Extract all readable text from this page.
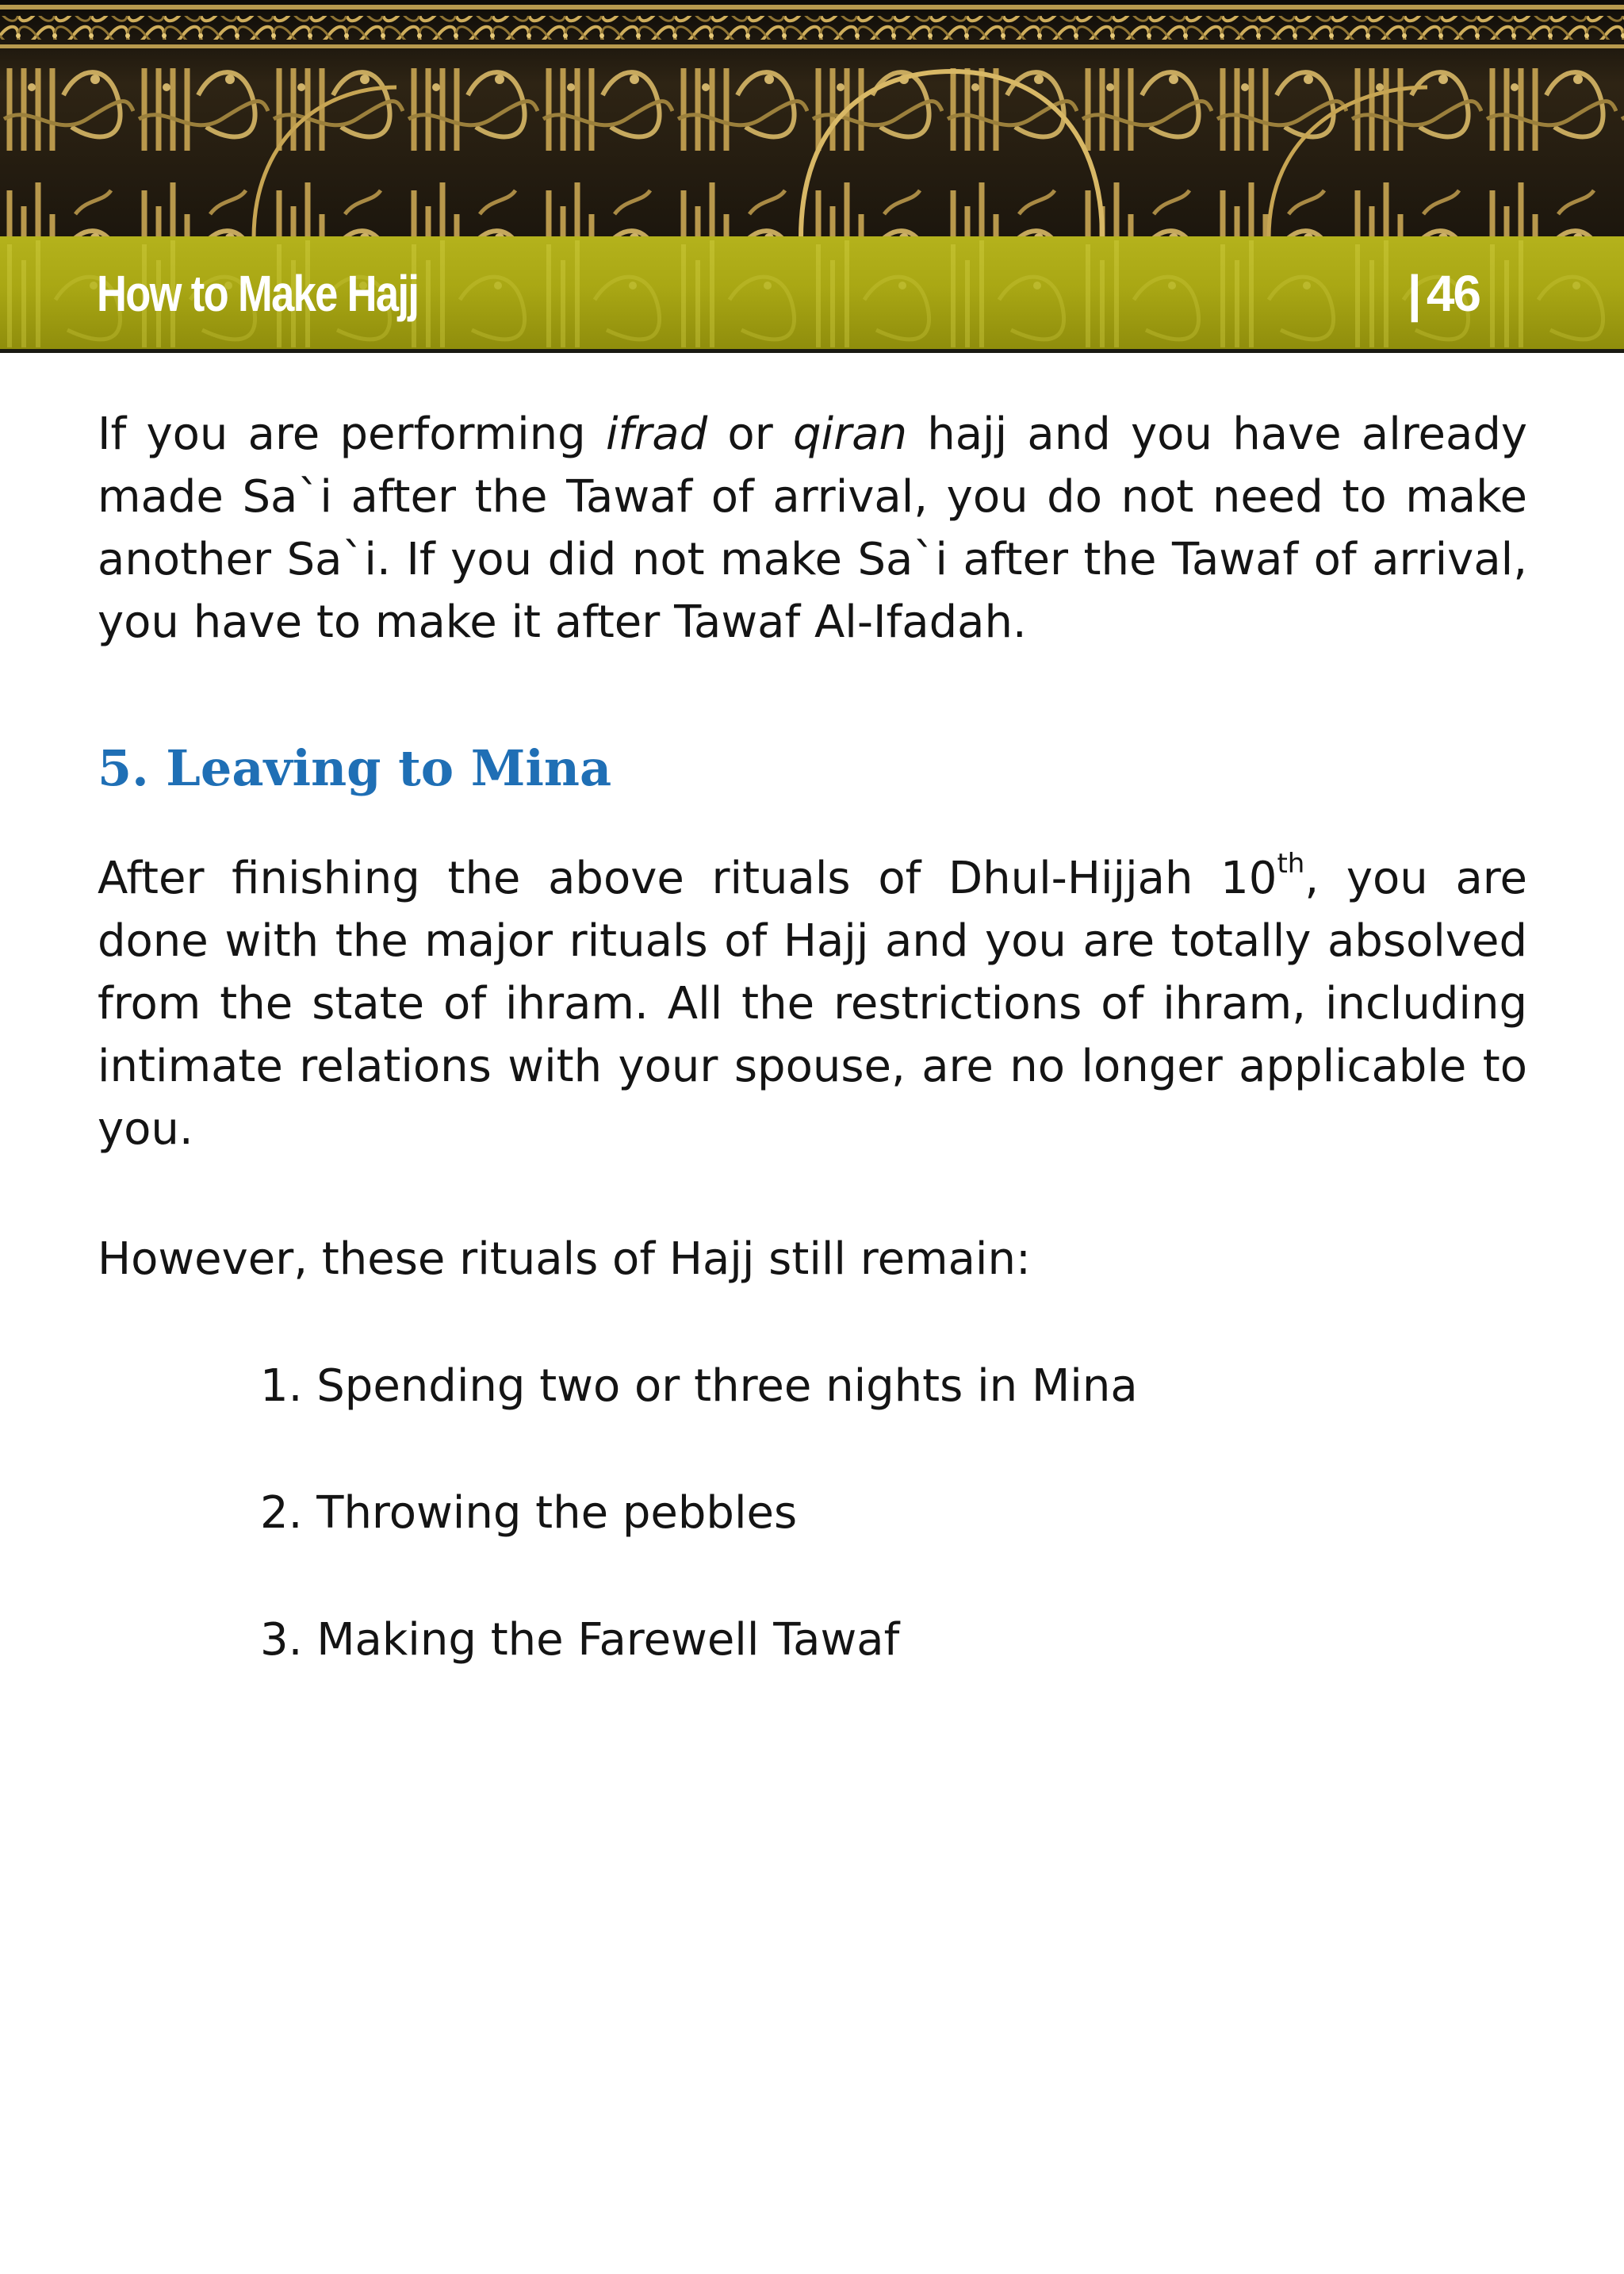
How to Make Hajj	| 46

If you are performing ifrad or qiran hajj and you have already made Sa`i after the Tawaf of arrival, you do not need to make another Sa`i. If you did not make Sa`i after the Tawaf of arrival, you have to make it after Tawaf Al-Ifadah.

5. Leaving to Mina

After finishing the above rituals of Dhul-Hijjah 10th, you are done with the major rituals of Hajj and you are totally absolved from the state of ihram. All the restrictions of ihram, including intimate relations with your spouse, are no longer applicable to you.

However, these rituals of Hajj still remain:

1. Spending two or three nights in Mina
2. Throwing the pebbles
3. Making the Farewell Tawaf
